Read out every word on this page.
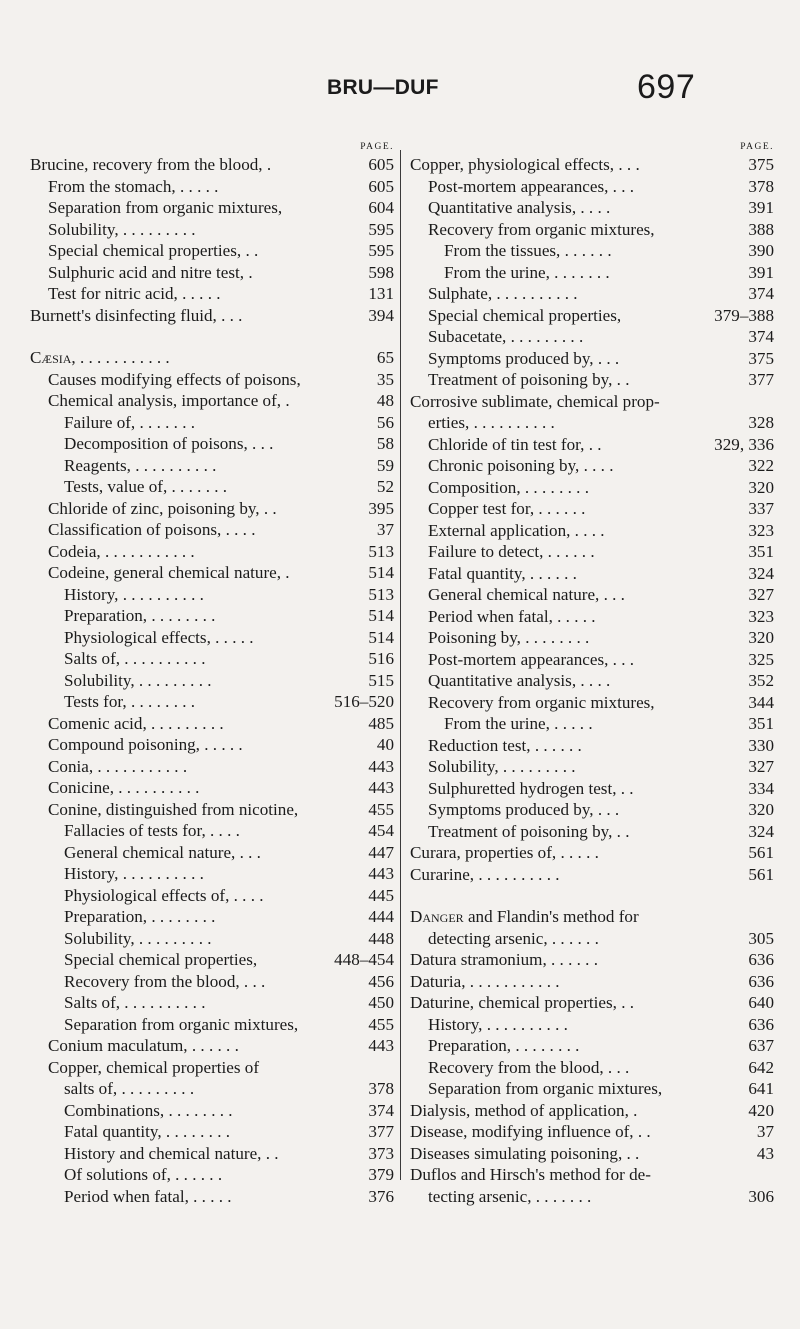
BRU—DUF	697
PAGE.
Brucine, recovery from the blood, .	605
From the stomach, . . . . .	605
Separation from organic mixtures,	604
Solubility, . . . . . . . . .	595
Special chemical properties, . .	595
Sulphuric acid and nitre test, .	598
Test for nitric acid, . . . . .	131
Burnett's disinfecting fluid, . . .	394
Cæsia, . . . . . . . . . . .	65
Causes modifying effects of poisons,	35
Chemical analysis, importance of, .	48
Failure of, . . . . . . .	56
Decomposition of poisons, . . .	58
Reagents, . . . . . . . . . .	59
Tests, value of, . . . . . . .	52
Chloride of zinc, poisoning by, . .	395
Classification of poisons, . . . .	37
Codeia, . . . . . . . . . . .	513
Codeine, general chemical nature, .	514
History, . . . . . . . . . .	513
Preparation, . . . . . . . .	514
Physiological effects, . . . . .	514
Salts of, . . . . . . . . . .	516
Solubility, . . . . . . . . .	515
Tests for, . . . . . . . .	516–520
Comenic acid, . . . . . . . . .	485
Compound poisoning, . . . . .	40
Conia, . . . . . . . . . . .	443
Conicine, . . . . . . . . . .	443
Conine, distinguished from nicotine,	455
Fallacies of tests for, . . . .	454
General chemical nature, . . .	447
History, . . . . . . . . . .	443
Physiological effects of, . . . .	445
Preparation, . . . . . . . .	444
Solubility, . . . . . . . . .	448
Special chemical properties,	448–454
Recovery from the blood, . . .	456
Salts of, . . . . . . . . . .	450
Separation from organic mixtures,	455
Conium maculatum, . . . . . .	443
Copper, chemical properties of
salts of, . . . . . . . . .	378
Combinations, . . . . . . . .	374
Fatal quantity, . . . . . . . .	377
History and chemical nature, . .	373
Of solutions of, . . . . . .	379
Period when fatal, . . . . .	376
PAGE.
Copper, physiological effects, . . .	375
Post-mortem appearances, . . .	378
Quantitative analysis, . . . .	391
Recovery from organic mixtures,	388
From the tissues, . . . . . .	390
From the urine, . . . . . . .	391
Sulphate, . . . . . . . . . .	374
Special chemical properties,	379–388
Subacetate, . . . . . . . . .	374
Symptoms produced by, . . .	375
Treatment of poisoning by, . .	377
Corrosive sublimate, chemical prop-
erties, . . . . . . . . . .	328
Chloride of tin test for, . .	329, 336
Chronic poisoning by, . . . .	322
Composition, . . . . . . . .	320
Copper test for, . . . . . .	337
External application, . . . .	323
Failure to detect, . . . . . .	351
Fatal quantity, . . . . . .	324
General chemical nature, . . .	327
Period when fatal, . . . . .	323
Poisoning by, . . . . . . . .	320
Post-mortem appearances, . . .	325
Quantitative analysis, . . . .	352
Recovery from organic mixtures,	344
From the urine, . . . . .	351
Reduction test, . . . . . .	330
Solubility, . . . . . . . . .	327
Sulphuretted hydrogen test, . .	334
Symptoms produced by, . . .	320
Treatment of poisoning by, . .	324
Curara, properties of, . . . . .	561
Curarine, . . . . . . . . . .	561
Danger and Flandin's method for
detecting arsenic, . . . . . .	305
Datura stramonium, . . . . . .	636
Daturia, . . . . . . . . . . .	636
Daturine, chemical properties, . .	640
History, . . . . . . . . . .	636
Preparation, . . . . . . . .	637
Recovery from the blood, . . .	642
Separation from organic mixtures,	641
Dialysis, method of application, .	420
Disease, modifying influence of, . .	37
Diseases simulating poisoning, . .	43
Duflos and Hirsch's method for de-
tecting arsenic, . . . . . . .	306
